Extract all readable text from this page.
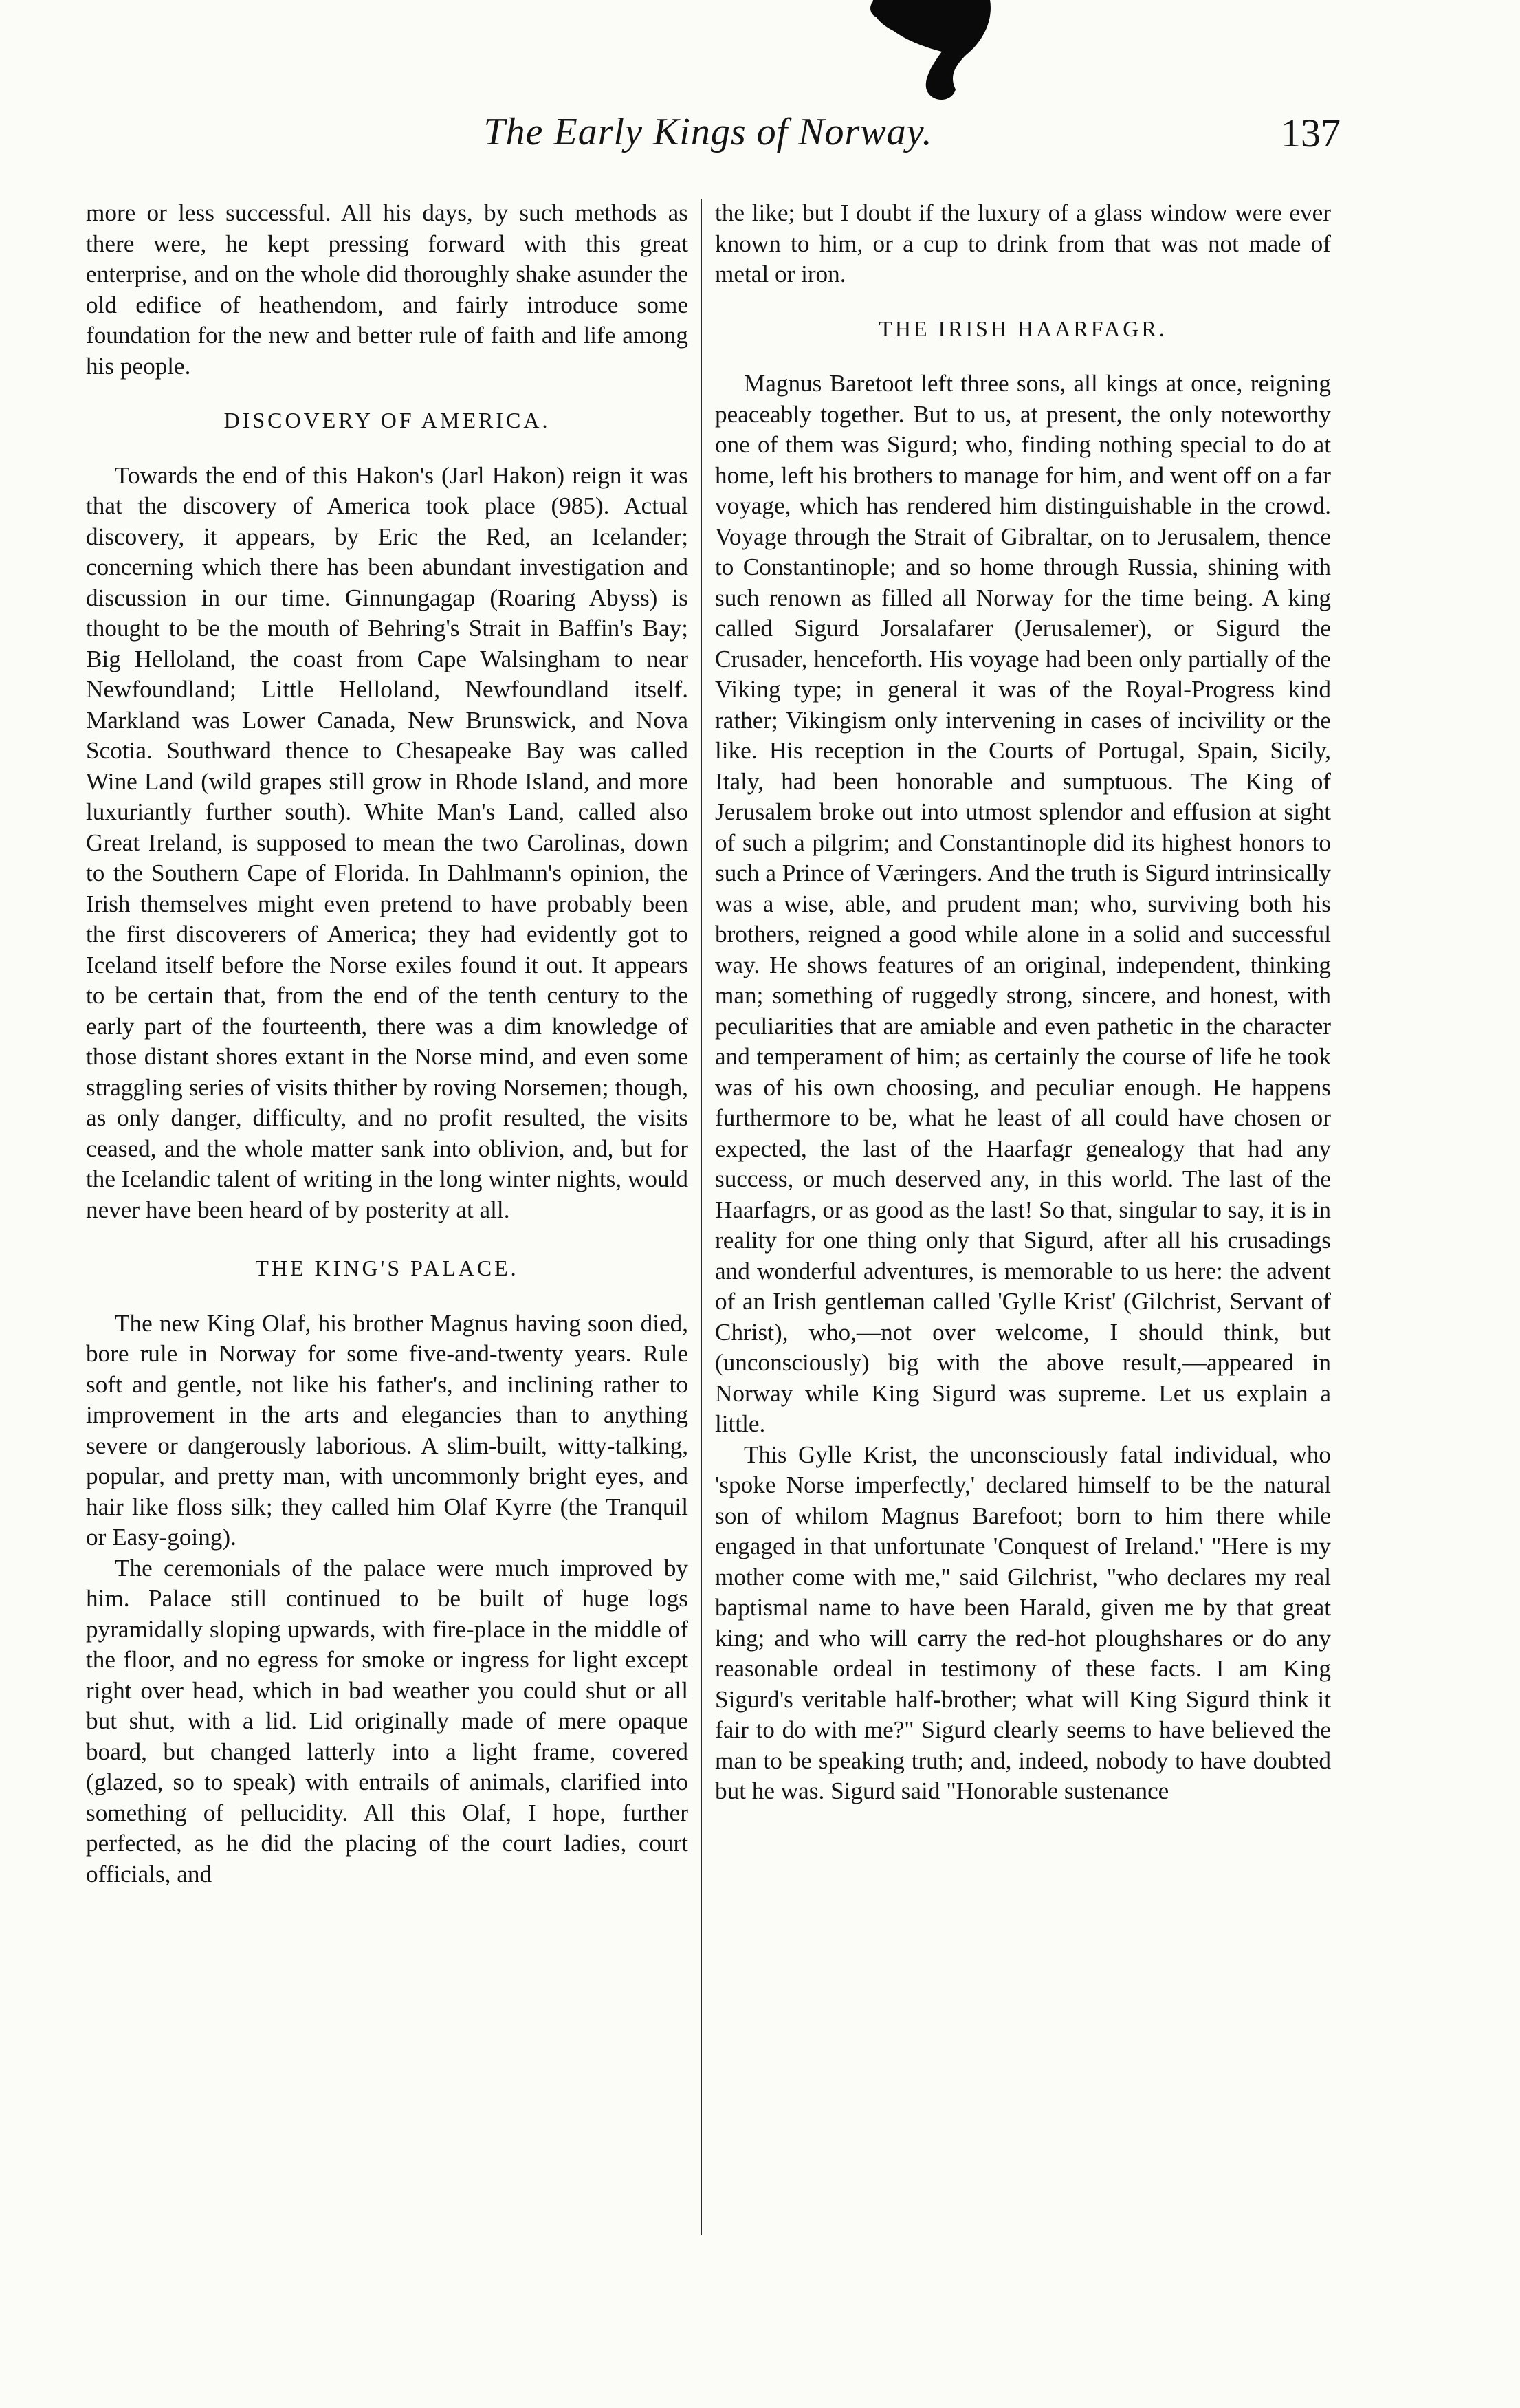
The Early Kings of Norway.	137

more or less successful. All his days, by such methods as there were, he kept pressing forward with this great enterprise, and on the whole did thoroughly shake asunder the old edifice of heathendom, and fairly introduce some foundation for the new and better rule of faith and life among his people.

DISCOVERY OF AMERICA.

Towards the end of this Hakon's (Jarl Hakon) reign it was that the discovery of America took place (985). Actual discovery, it appears, by Eric the Red, an Icelander; concerning which there has been abundant investigation and discussion in our time. Ginnungagap (Roaring Abyss) is thought to be the mouth of Behring's Strait in Baffin's Bay; Big Helloland, the coast from Cape Walsingham to near Newfoundland; Little Helloland, Newfoundland itself. Markland was Lower Canada, New Brunswick, and Nova Scotia. Southward thence to Chesapeake Bay was called Wine Land (wild grapes still grow in Rhode Island, and more luxuriantly further south). White Man's Land, called also Great Ireland, is supposed to mean the two Carolinas, down to the Southern Cape of Florida. In Dahlmann's opinion, the Irish themselves might even pretend to have probably been the first discoverers of America; they had evidently got to Iceland itself before the Norse exiles found it out. It appears to be certain that, from the end of the tenth century to the early part of the fourteenth, there was a dim knowledge of those distant shores extant in the Norse mind, and even some straggling series of visits thither by roving Norsemen; though, as only danger, difficulty, and no profit resulted, the visits ceased, and the whole matter sank into oblivion, and, but for the Icelandic talent of writing in the long winter nights, would never have been heard of by posterity at all.

THE KING'S PALACE.

The new King Olaf, his brother Magnus having soon died, bore rule in Norway for some five-and-twenty years. Rule soft and gentle, not like his father's, and inclining rather to improvement in the arts and elegancies than to anything severe or dangerously laborious. A slim-built, witty-talking, popular, and pretty man, with uncommonly bright eyes, and hair like floss silk; they called him Olaf Kyrre (the Tranquil or Easy-going).

The ceremonials of the palace were much improved by him. Palace still continued to be built of huge logs pyramidally sloping upwards, with fire-place in the middle of the floor, and no egress for smoke or ingress for light except right over head, which in bad weather you could shut or all but shut, with a lid. Lid originally made of mere opaque board, but changed latterly into a light frame, covered (glazed, so to speak) with entrails of animals, clarified into something of pellucidity. All this Olaf, I hope, further perfected, as he did the placing of the court ladies, court officials, and

the like; but I doubt if the luxury of a glass window were ever known to him, or a cup to drink from that was not made of metal or iron.

THE IRISH HAARFAGR.

Magnus Baretoot left three sons, all kings at once, reigning peaceably together. But to us, at present, the only noteworthy one of them was Sigurd; who, finding nothing special to do at home, left his brothers to manage for him, and went off on a far voyage, which has rendered him distinguishable in the crowd. Voyage through the Strait of Gibraltar, on to Jerusalem, thence to Constantinople; and so home through Russia, shining with such renown as filled all Norway for the time being. A king called Sigurd Jorsalafarer (Jerusalemer), or Sigurd the Crusader, henceforth. His voyage had been only partially of the Viking type; in general it was of the Royal-Progress kind rather; Vikingism only intervening in cases of incivility or the like. His reception in the Courts of Portugal, Spain, Sicily, Italy, had been honorable and sumptuous. The King of Jerusalem broke out into utmost splendor and effusion at sight of such a pilgrim; and Constantinople did its highest honors to such a Prince of Væringers. And the truth is Sigurd intrinsically was a wise, able, and prudent man; who, surviving both his brothers, reigned a good while alone in a solid and successful way. He shows features of an original, independent, thinking man; something of ruggedly strong, sincere, and honest, with peculiarities that are amiable and even pathetic in the character and temperament of him; as certainly the course of life he took was of his own choosing, and peculiar enough. He happens furthermore to be, what he least of all could have chosen or expected, the last of the Haarfagr genealogy that had any success, or much deserved any, in this world. The last of the Haarfagrs, or as good as the last! So that, singular to say, it is in reality for one thing only that Sigurd, after all his crusadings and wonderful adventures, is memorable to us here: the advent of an Irish gentleman called 'Gylle Krist' (Gilchrist, Servant of Christ), who,—not over welcome, I should think, but (unconsciously) big with the above result,—appeared in Norway while King Sigurd was supreme. Let us explain a little.

This Gylle Krist, the unconsciously fatal individual, who 'spoke Norse imperfectly,' declared himself to be the natural son of whilom Magnus Barefoot; born to him there while engaged in that unfortunate 'Conquest of Ireland.' "Here is my mother come with me," said Gilchrist, "who declares my real baptismal name to have been Harald, given me by that great king; and who will carry the red-hot ploughshares or do any reasonable ordeal in testimony of these facts. I am King Sigurd's veritable half-brother; what will King Sigurd think it fair to do with me?" Sigurd clearly seems to have believed the man to be speaking truth; and, indeed, nobody to have doubted but he was. Sigurd said "Honorable sustenance
